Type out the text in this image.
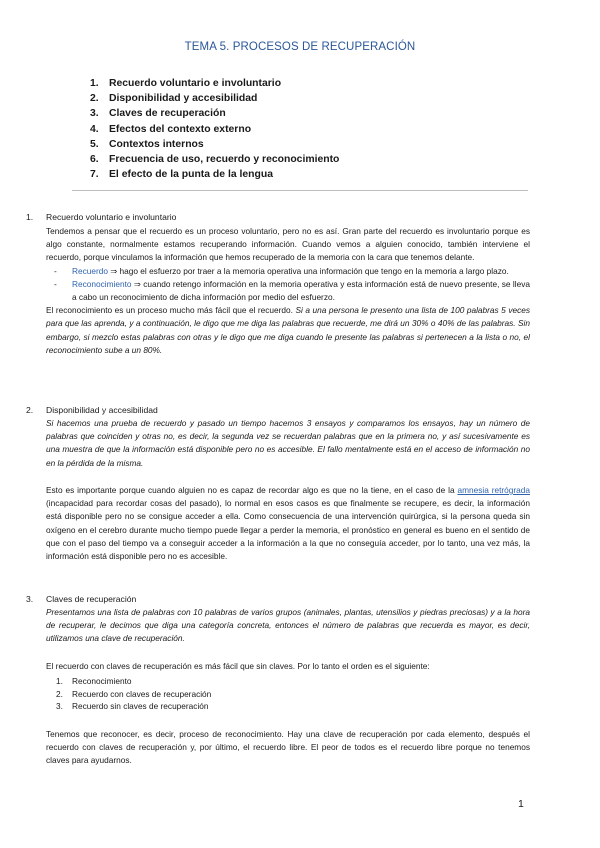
TEMA 5. PROCESOS DE RECUPERACIÓN
1. Recuerdo voluntario e involuntario
2. Disponibilidad y accesibilidad
3. Claves de recuperación
4. Efectos del contexto externo
5. Contextos internos
6. Frecuencia de uso, recuerdo y reconocimiento
7. El efecto de la punta de la lengua
1. Recuerdo voluntario e involuntario

Tendemos a pensar que el recuerdo es un proceso voluntario, pero no es así. Gran parte del recuerdo es involuntario porque es algo constante, normalmente estamos recuperando información. Cuando vemos a alguien conocido, también interviene el recuerdo, porque vinculamos la información que hemos recuperado de la memoria con la cara que tenemos delante.

- Recuerdo ⇒ hago el esfuerzo por traer a la memoria operativa una información que tengo en la memoria a largo plazo.

- Reconocimiento ⇒ cuando retengo información en la memoria operativa y esta información está de nuevo presente, se lleva a cabo un reconocimiento de dicha información por medio del esfuerzo.

El reconocimiento es un proceso mucho más fácil que el recuerdo. Si a una persona le presento una lista de 100 palabras 5 veces para que las aprenda, y a continuación, le digo que me diga las palabras que recuerde, me dirá un 30% o 40% de las palabras. Sin embargo, si mezclo estas palabras con otras y le digo que me diga cuando le presente las palabras si pertenecen a la lista o no, el reconocimiento sube a un 80%.

2. Disponibilidad y accesibilidad

Si hacemos una prueba de recuerdo y pasado un tiempo hacemos 3 ensayos y comparamos los ensayos, hay un número de palabras que coinciden y otras no, es decir, la segunda vez se recuerdan palabras que en la primera no, y así sucesivamente es una muestra de que la información está disponible pero no es accesible. El fallo mentalmente está en el acceso de información no en la pérdida de la misma.

Esto es importante porque cuando alguien no es capaz de recordar algo es que no la tiene, en el caso de la amnesia retrógrada (incapacidad para recordar cosas del pasado), lo normal en esos casos es que finalmente se recupere, es decir, la información está disponible pero no se consigue acceder a ella. Como consecuencia de una intervención quirúrgica, si la persona queda sin oxígeno en el cerebro durante mucho tiempo puede llegar a perder la memoria, el pronóstico en general es bueno en el sentido de que con el paso del tiempo va a conseguir acceder a la información a la que no conseguía acceder, por lo tanto, una vez más, la información está disponible pero no es accesible.

3. Claves de recuperación

Presentamos una lista de palabras con 10 palabras de varios grupos (animales, plantas, utensilios y piedras preciosas) y a la hora de recuperar, le decimos que diga una categoría concreta, entonces el número de palabras que recuerda es mayor, es decir, utilizamos una clave de recuperación.

El recuerdo con claves de recuperación es más fácil que sin claves. Por lo tanto el orden es el siguiente:

1. Reconocimiento
2. Recuerdo con claves de recuperación
3. Recuerdo sin claves de recuperación

Tenemos que reconocer, es decir, proceso de reconocimiento. Hay una clave de recuperación por cada elemento, después el recuerdo con claves de recuperación y, por último, el recuerdo libre. El peor de todos es el recuerdo libre porque no tenemos claves para ayudarnos.

1
